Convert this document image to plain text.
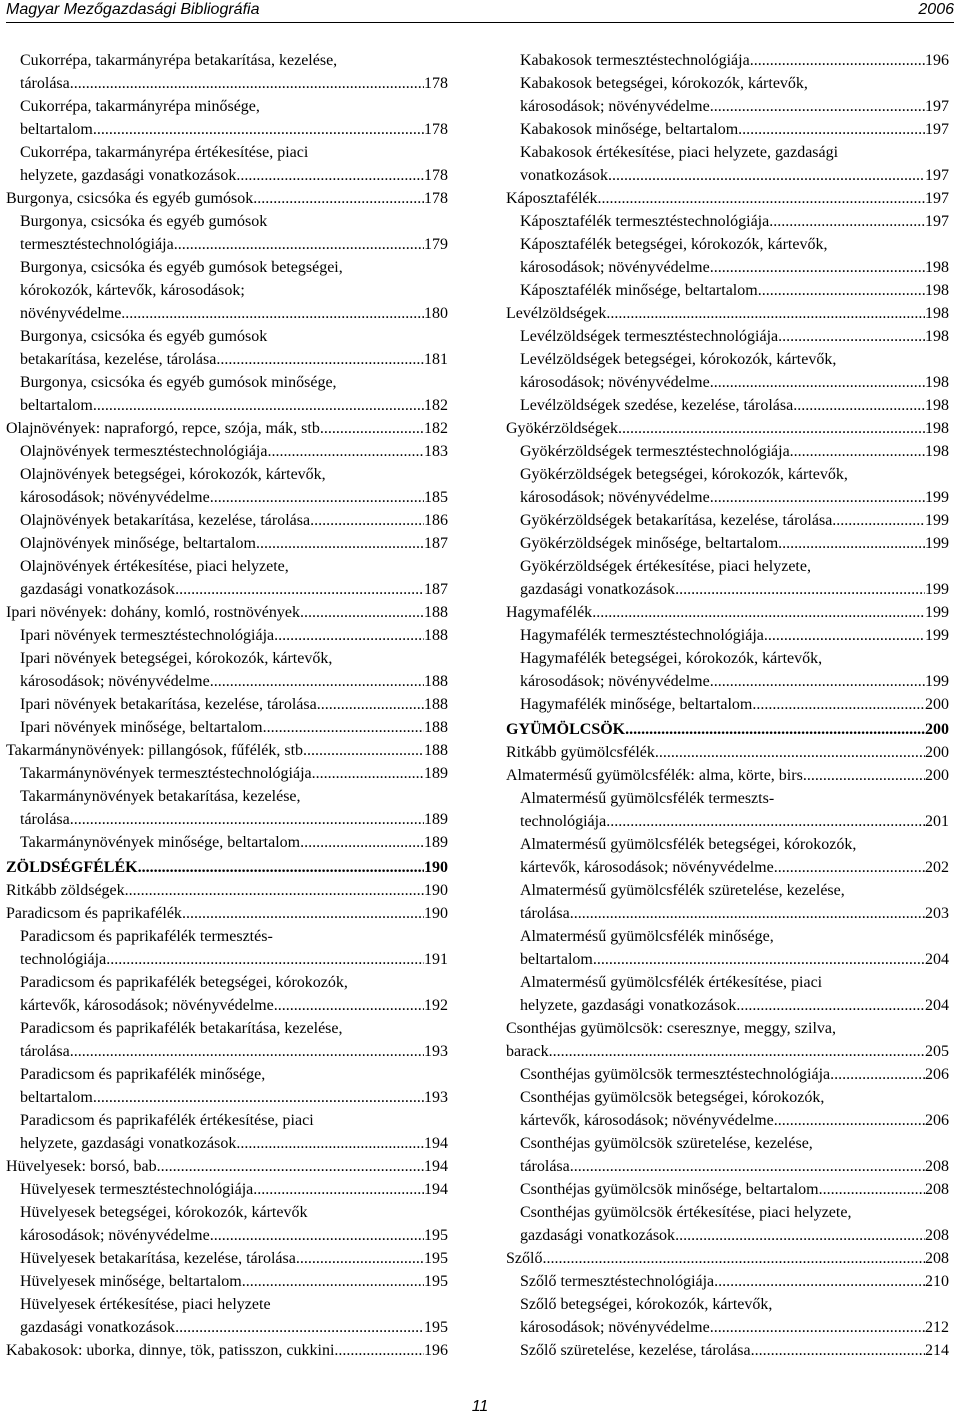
Magyar Mezőgazdasági Bibliográfia	2006
Cukorrépa, takarmányrépa betakarítása, kezelése,
tárolása .....	178
Cukorrépa, takarmányrépa minősége,
beltartalom .....	178
Cukorrépa, takarmányrépa értékesítése, piaci
helyzete, gazdasági vonatkozások .....	178
Burgonya, csicsóka és egyéb gumósok .....	178
Burgonya, csicsóka és egyéb gumósok
termesztéstechnológiája .....	179
Burgonya, csicsóka és egyéb gumósok betegségei,
kórokozók, kártevők, károsodások;
növényvédelme .....	180
Burgonya, csicsóka és egyéb gumósok
betakarítása, kezelése, tárolása .....	181
Burgonya, csicsóka és egyéb gumósok minősége,
beltartalom .....	182
Olajnövények: napraforgó, repce, szója, mák, stb. .....	182
Olajnövények termesztéstechnológiája .....	183
Olajnövények betegségei, kórokozók, kártevők,
károsodások; növényvédelme .....	185
Olajnövények betakarítása, kezelése, tárolása .....	186
Olajnövények minősége, beltartalom .....	187
Olajnövények értékesítése, piaci helyzete,
gazdasági vonatkozások .....	187
Ipari növények: dohány, komló, rostnövények .....	188
Ipari növények termesztéstechnológiája .....	188
Ipari növények betegségei, kórokozók, kártevők,
károsodások; növényvédelme .....	188
Ipari növények betakarítása, kezelése, tárolása .....	188
Ipari növények minősége, beltartalom .....	188
Takarmánynövények: pillangósok, fűfélék, stb. .....	188
Takarmánynövények termesztéstechnológiája .....	189
Takarmánynövények betakarítása, kezelése,
tárolása .....	189
Takarmánynövények minősége, beltartalom .....	189
ZÖLDSÉGFÉLÉK .....	190
Ritkább zöldségek .....	190
Paradicsom és paprikafélék .....	190
Paradicsom és paprikafélék termesztés-
technológiája .....	191
Paradicsom és paprikafélék betegségei, kórokozók,
kártevők, károsodások; növényvédelme .....	192
Paradicsom és paprikafélék betakarítása, kezelése,
tárolása .....	193
Paradicsom és paprikafélék minősége,
beltartalom .....	193
Paradicsom és paprikafélék értékesítése, piaci
helyzete, gazdasági vonatkozások .....	194
Hüvelyesek: borsó, bab .....	194
Hüvelyesek termesztéstechnológiája .....	194
Hüvelyesek betegségei, kórokozók, kártevők
károsodások; növényvédelme .....	195
Hüvelyesek betakarítása, kezelése, tárolása .....	195
Hüvelyesek minősége, beltartalom .....	195
Hüvelyesek értékesítése, piaci helyzete
gazdasági vonatkozások .....	195
Kabakosok: uborka, dinnye, tök, patisszon, cukkini .....	196
Kabakosok termesztéstechnológiája .....	196
Kabakosok betegségei, kórokozók, kártevők,
károsodások; növényvédelme .....	197
Kabakosok minősége, beltartalom .....	197
Kabakosok értékesítése, piaci helyzete, gazdasági
vonatkozások .....	197
Káposztafélék .....	197
Káposztafélék termesztéstechnológiája .....	197
Káposztafélék betegségei, kórokozók, kártevők,
károsodások; növényvédelme .....	198
Káposztafélék minősége, beltartalom .....	198
Levélzöldségek .....	198
Levélzöldségek termesztéstechnológiája .....	198
Levélzöldségek betegségei, kórokozók, kártevők,
károsodások; növényvédelme .....	198
Levélzöldségek szedése, kezelése, tárolása .....	198
Gyökérzöldségek .....	198
Gyökérzöldségek termesztéstechnológiája .....	198
Gyökérzöldségek betegségei, kórokozók, kártevők,
károsodások; növényvédelme .....	199
Gyökérzöldségek betakarítása, kezelése, tárolása .....	199
Gyökérzöldségek minősége, beltartalom .....	199
Gyökérzöldségek értékesítése, piaci helyzete,
gazdasági vonatkozások .....	199
Hagymafélék .....	199
Hagymafélék termesztéstechnológiája .....	199
Hagymafélék betegségei, kórokozók, kártevők,
károsodások; növényvédelme .....	199
Hagymafélék minősége, beltartalom .....	200
GYÜMÖLCSÖK .....	200
Ritkább gyümölcsfélék .....	200
Almatermésű gyümölcsfélék: alma, körte, birs .....	200
Almatermésű gyümölcsfélék termeszts-
technológiája .....	201
Almatermésű gyümölcsfélék betegségei, kórokozók,
kártevők, károsodások; növényvédelme .....	202
Almatermésű gyümölcsfélék szüretelése, kezelése,
tárolása .....	203
Almatermésű gyümölcsfélék minősége,
beltartalom .....	204
Almatermésű gyümölcsfélék értékesítése, piaci
helyzete, gazdasági vonatkozások .....	204
Csonthéjas gyümölcsök: cseresznye, meggy, szilva,
barack .....	205
Csonthéjas gyümölcsök termesztéstechnológiája .....	206
Csonthéjas gyümölcsök betegségei, kórokozók,
kártevők, károsodások; növényvédelme .....	206
Csonthéjas gyümölcsök szüretelése, kezelése,
tárolása .....	208
Csonthéjas gyümölcsök minősége, beltartalom .....	208
Csonthéjas gyümölcsök értékesítése, piaci helyzete,
gazdasági vonatkozások .....	208
Szőlő .....	208
Szőlő termesztéstechnológiája .....	210
Szőlő betegségei, kórokozók, kártevők,
károsodások; növényvédelme .....	212
Szőlő szüretelése, kezelése, tárolása .....	214
11
